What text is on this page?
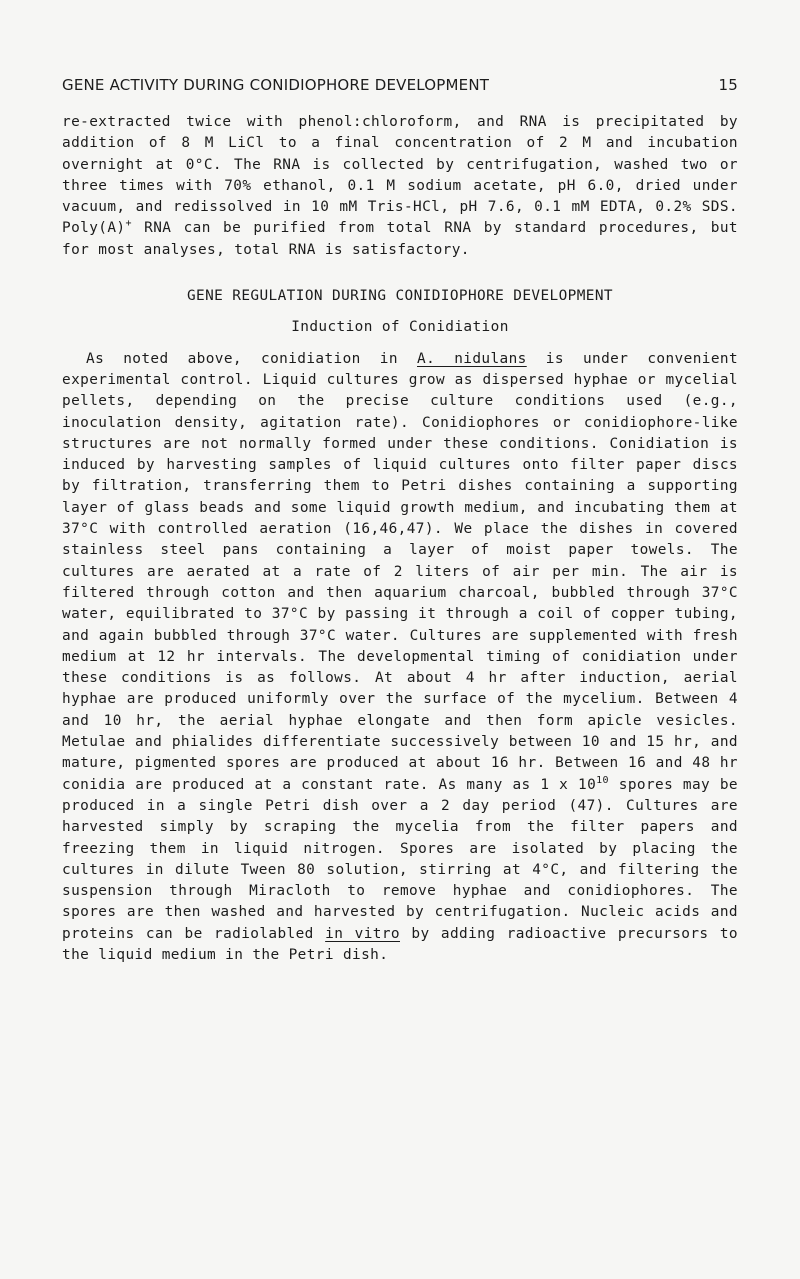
GENE ACTIVITY DURING CONIDIOPHORE DEVELOPMENT	15

re-extracted twice with phenol:chloroform, and RNA is precipitated by addition of 8 M LiCl to a final concentration of 2 M and incubation overnight at 0°C. The RNA is collected by centrifugation, washed two or three times with 70% ethanol, 0.1 M sodium acetate, pH 6.0, dried under vacuum, and redissolved in 10 mM Tris-HCl, pH 7.6, 0.1 mM EDTA, 0.2% SDS. Poly(A)+ RNA can be purified from total RNA by standard procedures, but for most analyses, total RNA is satisfactory.

GENE REGULATION DURING CONIDIOPHORE DEVELOPMENT

Induction of Conidiation

As noted above, conidiation in A. nidulans is under convenient experimental control. Liquid cultures grow as dispersed hyphae or mycelial pellets, depending on the precise culture conditions used (e.g., inoculation density, agitation rate). Conidiophores or conidiophore-like structures are not normally formed under these conditions. Conidiation is induced by harvesting samples of liquid cultures onto filter paper discs by filtration, transferring them to Petri dishes containing a supporting layer of glass beads and some liquid growth medium, and incubating them at 37°C with controlled aeration (16,46,47). We place the dishes in covered stainless steel pans containing a layer of moist paper towels. The cultures are aerated at a rate of 2 liters of air per min. The air is filtered through cotton and then aquarium charcoal, bubbled through 37°C water, equilibrated to 37°C by passing it through a coil of copper tubing, and again bubbled through 37°C water. Cultures are supplemented with fresh medium at 12 hr intervals. The developmental timing of conidiation under these conditions is as follows. At about 4 hr after induction, aerial hyphae are produced uniformly over the surface of the mycelium. Between 4 and 10 hr, the aerial hyphae elongate and then form apicle vesicles. Metulae and phialides differentiate successively between 10 and 15 hr, and mature, pigmented spores are produced at about 16 hr. Between 16 and 48 hr conidia are produced at a constant rate. As many as 1 x $10^{10}$ spores may be produced in a single Petri dish over a 2 day period (47). Cultures are harvested simply by scraping the mycelia from the filter papers and freezing them in liquid nitrogen. Spores are isolated by placing the cultures in dilute Tween 80 solution, stirring at 4°C, and filtering the suspension through Miracloth to remove hyphae and conidiophores. The spores are then washed and harvested by centrifugation. Nucleic acids and proteins can be radiolabled in vitro by adding radioactive precursors to the liquid medium in the Petri dish.
